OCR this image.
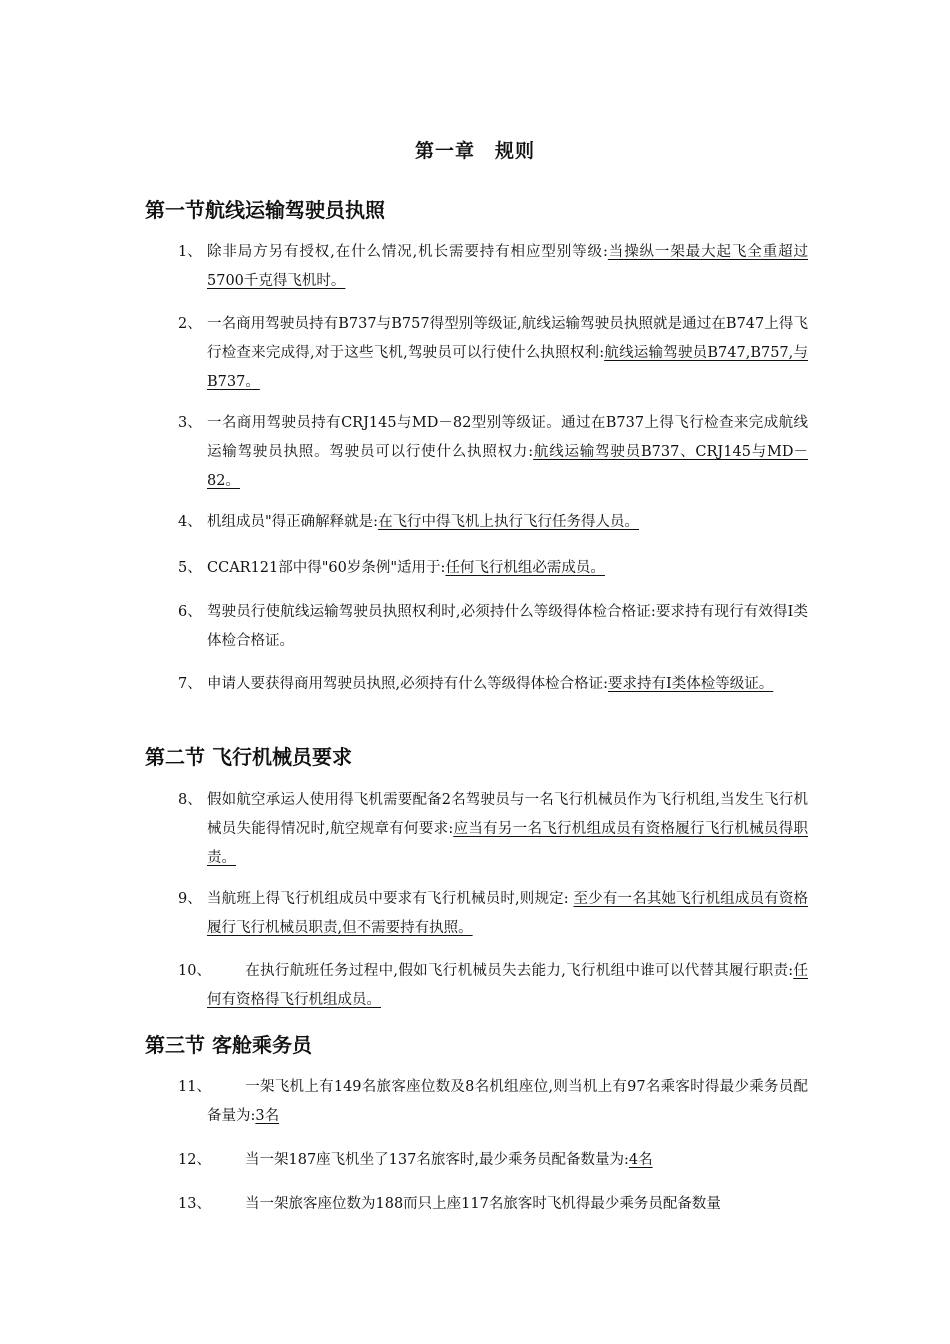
第一章　规则
第一节航线运输驾驶员执照
1、 除非局方另有授权,在什么情况,机长需要持有相应型别等级:当操纵一架最大起飞全重超过5700千克得飞机时。
2、 一名商用驾驶员持有B737与B757得型别等级证,航线运输驾驶员执照就是通过在B747上得飞行检查来完成得,对于这些飞机,驾驶员可以行使什么执照权利:航线运输驾驶员B747,B757,与B737。
3、 一名商用驾驶员持有CRJ145与MD－82型别等级证。通过在B737上得飞行检查来完成航线运输驾驶员执照。驾驶员可以行使什么执照权力:航线运输驾驶员B737、CRJ145与MD－82。
4、 机组成员"得正确解释就是:在飞行中得飞机上执行飞行任务得人员。
5、 CCAR121部中得"60岁条例"适用于:任何飞行机组必需成员。
6、 驾驶员行使航线运输驾驶员执照权利时,必须持什么等级得体检合格证:要求持有现行有效得I类体检合格证。
7、 申请人要获得商用驾驶员执照,必须持有什么等级得体检合格证:要求持有I类体检等级证。
第二节 飞行机械员要求
8、 假如航空承运人使用得飞机需要配备2名驾驶员与一名飞行机械员作为飞行机组,当发生飞行机械员失能得情况时,航空规章有何要求:应当有另一名飞行机组成员有资格履行飞行机械员得职责。
9、 当航班上得飞行机组成员中要求有飞行机械员时,则规定: 至少有一名其她飞行机组成员有资格履行飞行机械员职责,但不需要持有执照。
10、	在执行航班任务过程中,假如飞行机械员失去能力,飞行机组中谁可以代替其履行职责:任何有资格得飞行机组成员。
第三节 客舱乘务员
11、	一架飞机上有149名旅客座位数及8名机组座位,则当机上有97名乘客时得最少乘务员配备量为:3名
12、	当一架187座飞机坐了137名旅客时,最少乘务员配备数量为:4名
13、	当一架旅客座位数为188而只上座117名旅客时飞机得最少乘务员配备数量
